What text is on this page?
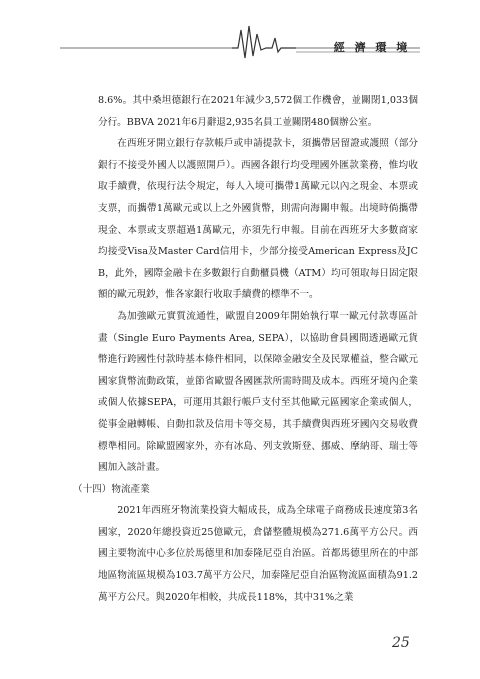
經 濟 環 境

8.6%。其中桑坦德銀行在2021年減少3,572個工作機會，並關閉1,033個分行。BBVA 2021年6月辭退2,935名員工並關閉480個辦公室。

在西班牙開立銀行存款帳戶或申請提款卡，須攜帶居留證或護照（部分銀行不接受外國人以護照開戶）。西國各銀行均受理國外匯款業務，惟均收取手續費，依現行法令規定，每人入境可攜帶1萬歐元以內之現金、本票或支票，而攜帶1萬歐元或以上之外國貨幣，則需向海關申報。出境時倘攜帶現金、本票或支票超過1萬歐元，亦須先行申報。目前在西班牙大多數商家均接受Visa及Master Card信用卡，少部分接受American Express及JCB，此外，國際金融卡在多數銀行自動櫃員機（ATM）均可領取每日固定限額的歐元現鈔，惟各家銀行收取手續費的標準不一。

為加強歐元實質流通性，歐盟自2009年開始執行單一歐元付款專區計畫（Single Euro Payments Area, SEPA），以協助會員國間透過歐元貨幣進行跨國性付款時基本條件相同，以保障金融安全及民眾權益，整合歐元國家貨幣流動政策，並節省歐盟各國匯款所需時間及成本。西班牙境內企業或個人依據SEPA，可運用其銀行帳戶支付至其他歐元區國家企業或個人，從事金融轉帳、自動扣款及信用卡等交易，其手續費與西班牙國內交易收費標準相同。除歐盟國家外，亦有冰島、列支敦斯登、挪威、摩納哥、瑞士等國加入該計畫。

（十四）物流產業

2021年西班牙物流業投資大幅成長，成為全球電子商務成長速度第3名國家，2020年總投資近25億歐元，倉儲整體規模為271.6萬平方公尺。西國主要物流中心多位於馬德里和加泰隆尼亞自治區。首都馬德里所在的中部地區物流區規模為103.7萬平方公尺，加泰隆尼亞自治區物流區面積為91.2萬平方公尺。與2020年相較，共成長118%，其中31%之業

25
